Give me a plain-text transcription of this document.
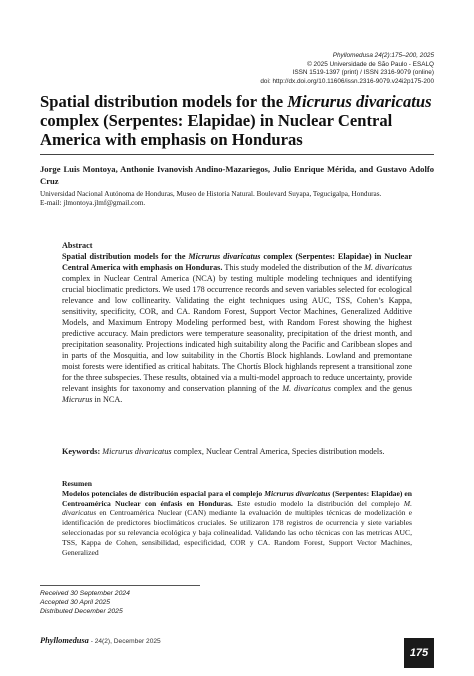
Phyllomedusa 24(2):175–200, 2025
© 2025 Universidade de São Paulo - ESALQ
ISSN 1519-1397 (print) / ISSN 2316-9079 (online)
doi: http://dx.doi.org/10.11606/issn.2316-9079.v24i2p175-200
Spatial distribution models for the Micrurus divaricatus complex (Serpentes: Elapidae) in Nuclear Central America with emphasis on Honduras
Jorge Luis Montoya, Anthonie Ivanovish Andino-Mazariegos, Julio Enrique Mérida, and Gustavo Adolfo Cruz
Universidad Nacional Autónoma de Honduras, Museo de Historia Natural. Boulevard Suyapa, Tegucigalpa, Honduras.
E-mail: jlmontoya.jlmf@gmail.com.
Abstract

Spatial distribution models for the Micrurus divaricatus complex (Serpentes: Elapidae) in Nuclear Central America with emphasis on Honduras. This study modeled the distribution of the M. divaricatus complex in Nuclear Central America (NCA) by testing multiple modeling techniques and identifying crucial bioclimatic predictors. We used 178 occurrence records and seven variables selected for ecological relevance and low collinearity. Validating the eight techniques using AUC, TSS, Cohen’s Kappa, sensitivity, specificity, COR, and CA. Random Forest, Support Vector Machines, Generalized Additive Models, and Maximum Entropy Modeling performed best, with Random Forest showing the highest predictive accuracy. Main predictors were temperature seasonality, precipitation of the driest month, and precipitation seasonality. Projections indicated high suitability along the Pacific and Caribbean slopes and in parts of the Mosquitia, and low suitability in the Chortís Block highlands. Lowland and premontane moist forests were identified as critical habitats. The Chortís Block highlands represent a transitional zone for the three subspecies. These results, obtained via a multi-model approach to reduce uncertainty, provide relevant insights for taxonomy and conservation planning of the M. divaricatus complex and the genus Micrurus in NCA.

Keywords: Micrurus divaricatus complex, Nuclear Central America, Species distribution models.
Resumen

Modelos potenciales de distribución espacial para el complejo Micrurus divaricatus (Serpentes: Elapidae) en Centroamérica Nuclear con énfasis en Honduras. Este estudio modelo la distribución del complejo M. divaricatus en Centroamérica Nuclear (CAN) mediante la evaluación de multiples técnicas de modelización e identificación de predictores bioclimáticos cruciales. Se utilizaron 178 registros de ocurrencia y siete variables seleccionadas por su relevancia ecológica y baja colinealidad. Validando las ocho técnicas con las metricas AUC, TSS, Kappa de Cohen, sensibilidad, especificidad, COR y CA. Random Forest, Support Vector Machines, Generalized

Received 30 September 2024
Accepted 30 April 2025
Distributed December 2025
Phyllomedusa - 24(2), December 2025
175
